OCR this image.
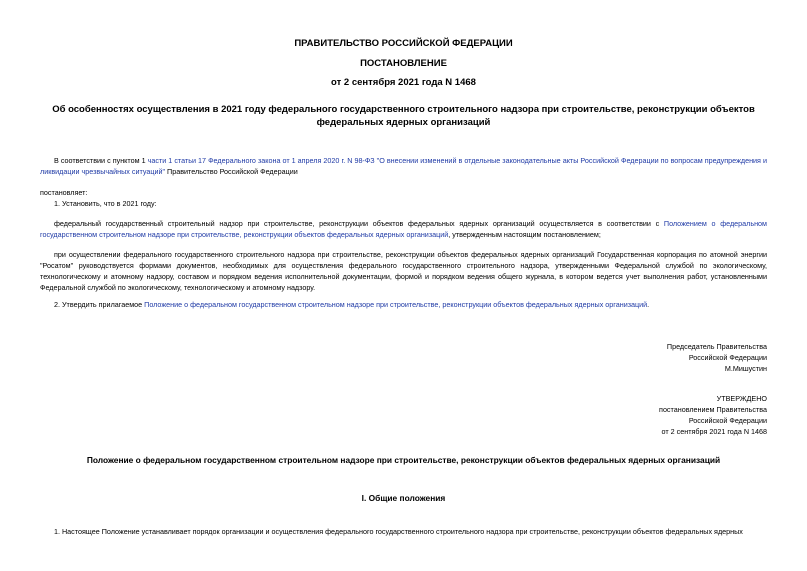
ПРАВИТЕЛЬСТВО РОССИЙСКОЙ ФЕДЕРАЦИИ

ПОСТАНОВЛЕНИЕ

от 2 сентября 2021 года N 1468

Об особенностях осуществления в 2021 году федерального государственного строительного надзора при строительстве, реконструкции объектов федеральных ядерных организаций

В соответствии с пунктом 1 части 1 статьи 17 Федерального закона от 1 апреля 2020 г. N 98-ФЗ "О внесении изменений в отдельные законодательные акты Российской Федерации по вопросам предупреждения и ликвидации чрезвычайных ситуаций" Правительство Российской Федерации

постановляет:

1. Установить, что в 2021 году:

федеральный государственный строительный надзор при строительстве, реконструкции объектов федеральных ядерных организаций осуществляется в соответствии с Положением о федеральном государственном строительном надзоре при строительстве, реконструкции объектов федеральных ядерных организаций, утвержденным настоящим постановлением;

при осуществлении федерального государственного строительного надзора при строительстве, реконструкции объектов федеральных ядерных организаций Государственная корпорация по атомной энергии "Росатом" руководствуется формами документов, необходимых для осуществления федерального государственного строительного надзора, утвержденными Федеральной службой по экологическому, технологическому и атомному надзору, составом и порядком ведения исполнительной документации, формой и порядком ведения общего журнала, в котором ведется учет выполнения работ, установленными Федеральной службой по экологическому, технологическому и атомному надзору.

2. Утвердить прилагаемое Положение о федеральном государственном строительном надзоре при строительстве, реконструкции объектов федеральных ядерных организаций.

Председатель Правительства
Российской Федерации
М.Мишустин
УТВЕРЖДЕНО
постановлением Правительства
Российской Федерации
от 2 сентября 2021 года N 1468

Положение о федеральном государственном строительном надзоре при строительстве, реконструкции объектов федеральных ядерных организаций

I. Общие положения

1. Настоящее Положение устанавливает порядок организации и осуществления федерального государственного строительного надзора при строительстве, реконструкции объектов федеральных ядерных
